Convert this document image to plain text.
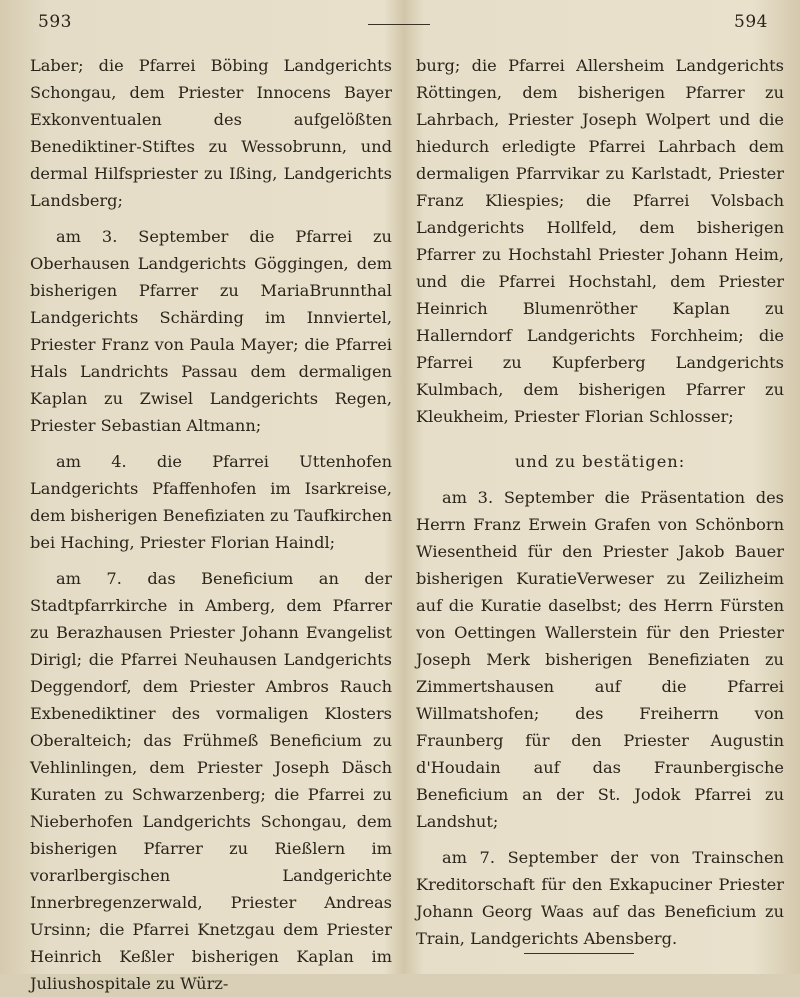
593	594

Laber; die Pfarrei Böbing Landgerichts Schongau, dem Priester Innocens Bayer Exkonventualen des aufgelößten Benediktiner-Stiftes zu Wessobrunn, und dermal Hilfspriester zu Ißing, Landgerichts Landsberg;

am 3. September die Pfarrei zu Oberhausen Landgerichts Göggingen, dem bisherigen Pfarrer zu MariaBrunnthal Landgerichts Schärding im Innviertel, Priester Franz von Paula Mayer; die Pfarrei Hals Landrichts Passau dem dermaligen Kaplan zu Zwisel Landgerichts Regen, Priester Sebastian Altmann;

am 4. die Pfarrei Uttenhofen Landgerichts Pfaffenhofen im Isarkreise, dem bisherigen Benefiziaten zu Taufkirchen bei Haching, Priester Florian Haindl;

am 7. das Beneficium an der Stadtpfarrkirche in Amberg, dem Pfarrer zu Berazhausen Priester Johann Evangelist Dirigl; die Pfarrei Neuhausen Landgerichts Deggendorf, dem Priester Ambros Rauch Exbenediktiner des vormaligen Klosters Oberalteich; das Frühmeß Beneficium zu Vehlinlingen, dem Priester Joseph Däsch Kuraten zu Schwarzenberg; die Pfarrei zu Nieberhofen Landgerichts Schongau, dem bisherigen Pfarrer zu Rießlern im vorarlbergischen Landgerichte Innerbregenzerwald, Priester Andreas Ursinn; die Pfarrei Knetzgau dem Priester Heinrich Keßler bisherigen Kaplan im Juliushospitale zu Würz-

burg; die Pfarrei Allersheim Landgerichts Röttingen, dem bisherigen Pfarrer zu Lahrbach, Priester Joseph Wolpert und die hiedurch erledigte Pfarrei Lahrbach dem dermaligen Pfarrvikar zu Karlstadt, Priester Franz Kliespies; die Pfarrei Volsbach Landgerichts Hollfeld, dem bisherigen Pfarrer zu Hochstahl Priester Johann Heim, und die Pfarrei Hochstahl, dem Priester Heinrich Blumenröther Kaplan zu Hallerndorf Landgerichts Forchheim; die Pfarrei zu Kupferberg Landgerichts Kulmbach, dem bisherigen Pfarrer zu Kleukheim, Priester Florian Schlosser;

und zu bestätigen:

am 3. September die Präsentation des Herrn Franz Erwein Grafen von Schönborn Wiesentheid für den Priester Jakob Bauer bisherigen KuratieVerweser zu Zeilizheim auf die Kuratie daselbst; des Herrn Fürsten von Oettingen Wallerstein für den Priester Joseph Merk bisherigen Benefiziaten zu Zimmertshausen auf die Pfarrei Willmatshofen; des Freiherrn von Fraunberg für den Priester Augustin d'Houdain auf das Fraunbergische Beneficium an der St. Jodok Pfarrei zu Landshut;

am 7. September der von Trainschen Kreditorschaft für den Exkapuciner Priester Johann Georg Waas auf das Beneficium zu Train, Landgerichts Abensberg.
